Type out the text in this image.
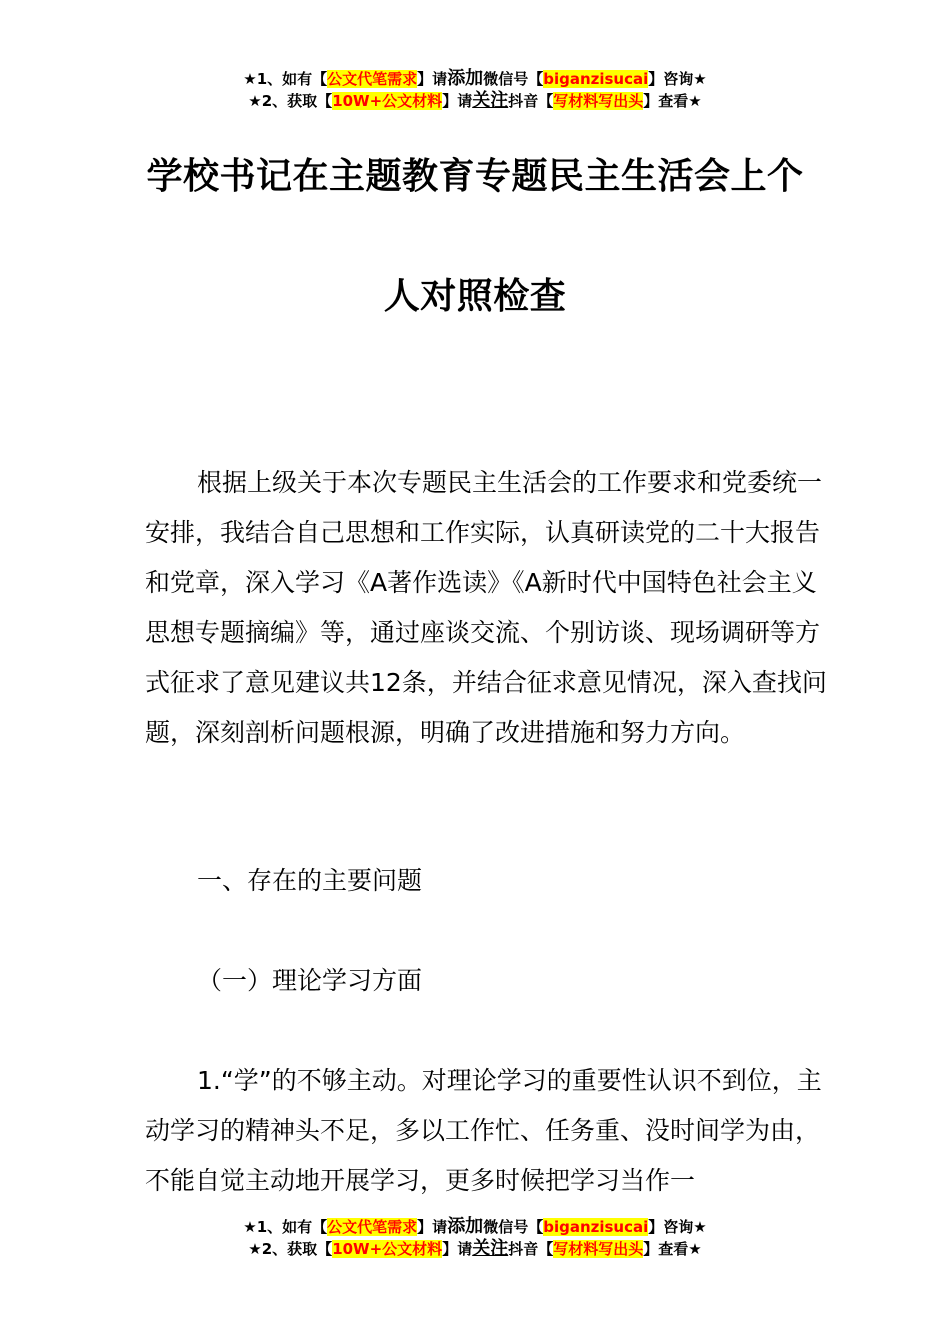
★1、如有【公文代笔需求】请添加微信号【biganzisucai】咨询★
★2、获取【10W+公文材料】请关注抖音【写材料写出头】查看★
学校书记在主题教育专题民主生活会上个
人对照检查
根据上级关于本次专题民主生活会的工作要求和党委统一安排，我结合自己思想和工作实际，认真研读党的二十大报告和党章，深入学习《A著作选读》《A新时代中国特色社会主义思想专题摘编》等，通过座谈交流、个别访谈、现场调研等方式征求了意见建议共12条，并结合征求意见情况，深入查找问题，深刻剖析问题根源，明确了改进措施和努力方向。
一、存在的主要问题
（一）理论学习方面
1.“学”的不够主动。对理论学习的重要性认识不到位，主动学习的精神头不足，多以工作忙、任务重、没时间学为由，不能自觉主动地开展学习，更多时候把学习当作一
★1、如有【公文代笔需求】请添加微信号【biganzisucai】咨询★
★2、获取【10W+公文材料】请关注抖音【写材料写出头】查看★
